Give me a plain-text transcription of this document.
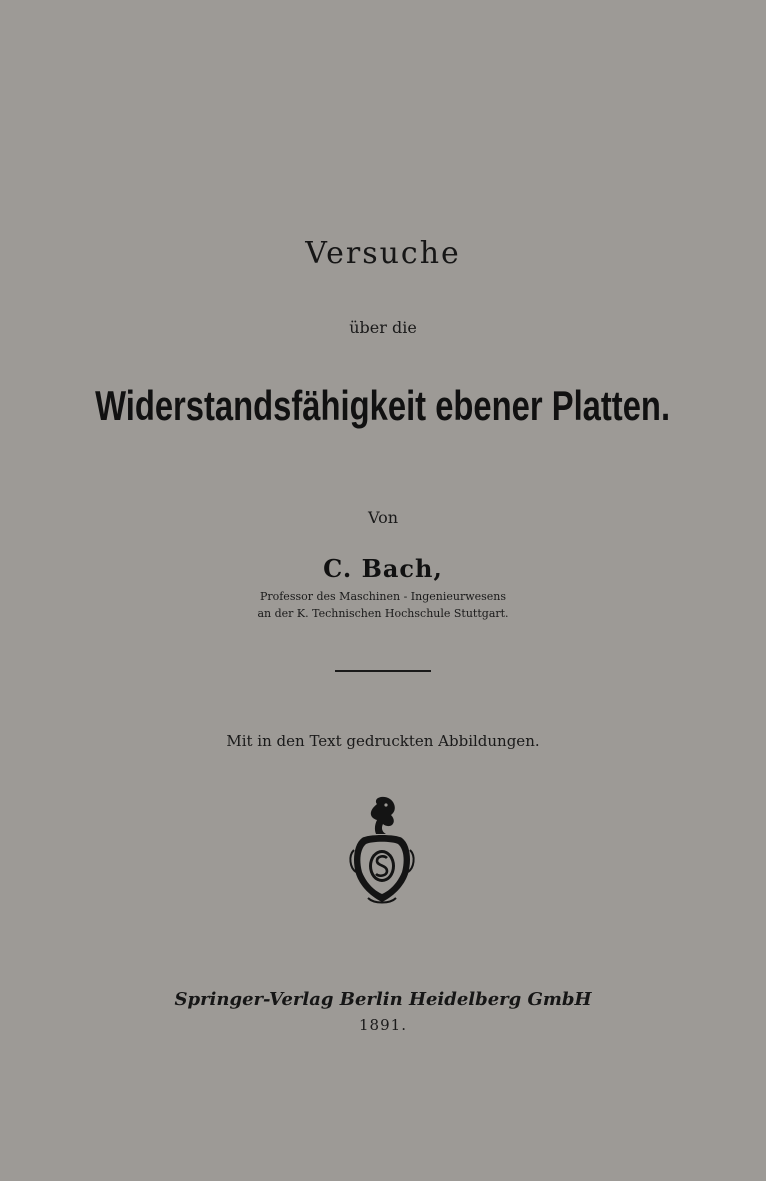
Versuche
über die
Widerstandsfähigkeit ebener Platten.
Von
C. Bach,
Professor des Maschinen - Ingenieurwesens
an der K. Technischen Hochschule Stuttgart.
Mit in den Text gedruckten Abbildungen.
Springer-Verlag Berlin Heidelberg GmbH
1891.
